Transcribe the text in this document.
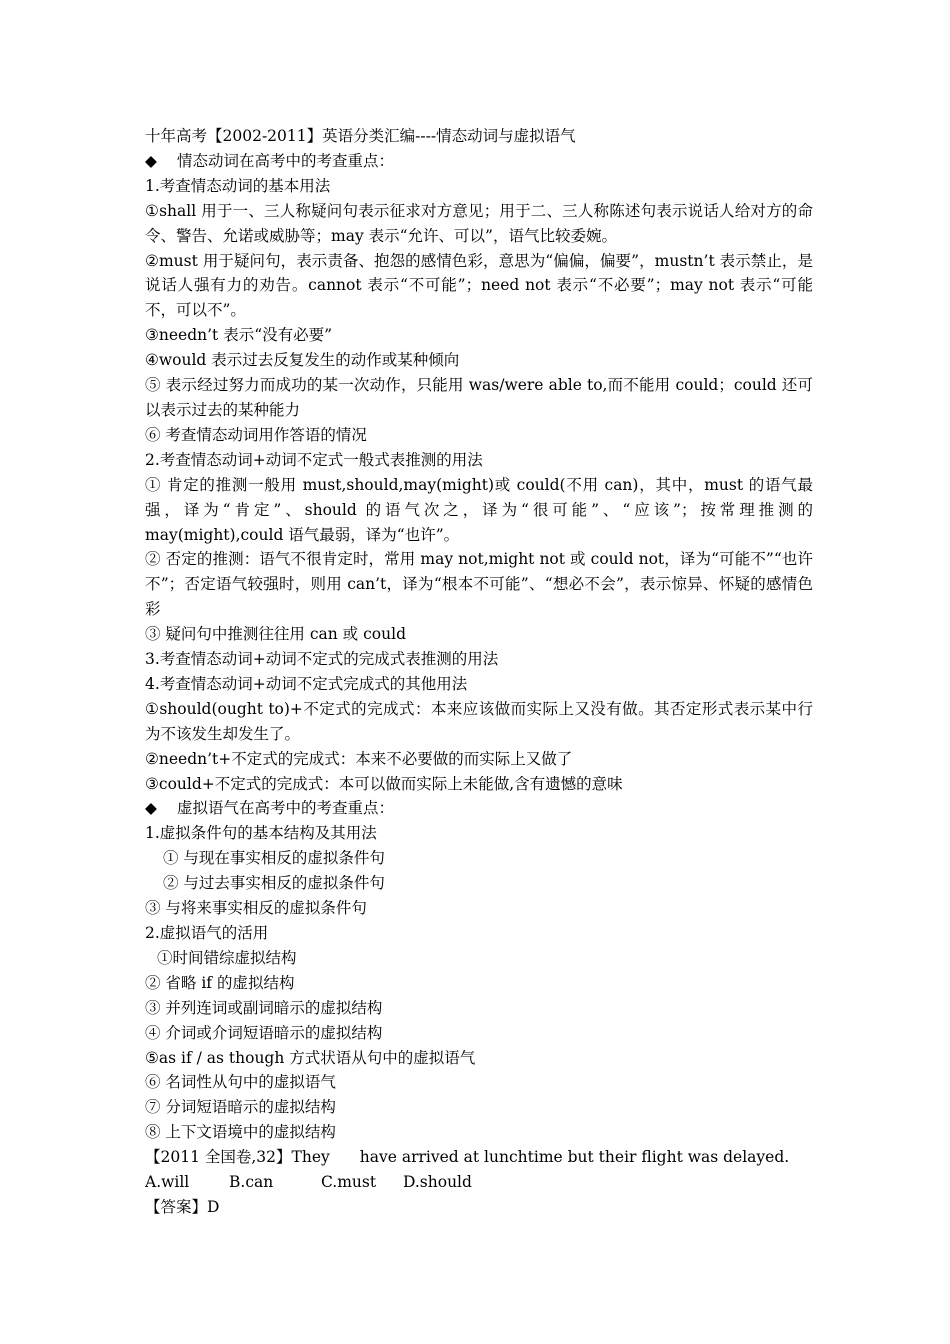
十年高考【2002-2011】英语分类汇编----情态动词与虚拟语气
◆ 情态动词在高考中的考查重点：
1.考查情态动词的基本用法
①shall 用于一、三人称疑问句表示征求对方意见；用于二、三人称陈述句表示说话人给对方的命令、警告、允诺或威胁等；may 表示“允许、可以”，语气比较委婉。
②must 用于疑问句，表示责备、抱怨的感情色彩，意思为“偏偏，偏要”，mustn’t 表示禁止，是说话人强有力的劝告。cannot 表示“不可能”；need not 表示“不必要”；may not 表示“可能不，可以不”。
③needn’t 表示“没有必要”
④would 表示过去反复发生的动作或某种倾向
⑤ 表示经过努力而成功的某一次动作，只能用 was/were able to,而不能用 could；could 还可以表示过去的某种能力
⑥ 考查情态动词用作答语的情况
2.考查情态动词+动词不定式一般式表推测的用法
① 肯定的推测一般用 must,should,may(might)或 could(不用 can)，其中，must 的语气最强，译为“肯定”、should 的语气次之，译为“很可能”、“应该”；按常理推测的 may(might),could 语气最弱，译为“也许”。
② 否定的推测：语气不很肯定时，常用 may not,might not 或 could not，译为“可能不”“也许不”；否定语气较强时，则用 can’t，译为“根本不可能”、“想必不会”，表示惊异、怀疑的感情色彩
③ 疑问句中推测往往用 can 或 could
3.考查情态动词+动词不定式的完成式表推测的用法
4.考查情态动词+动词不定式完成式的其他用法
①should(ought to)+不定式的完成式：本来应该做而实际上又没有做。其否定形式表示某中行为不该发生却发生了。
②needn’t+不定式的完成式：本来不必要做的而实际上又做了
③could+不定式的完成式：本可以做而实际上未能做,含有遗憾的意味
◆ 虚拟语气在高考中的考查重点：
1.虚拟条件句的基本结构及其用法
① 与现在事实相反的虚拟条件句
② 与过去事实相反的虚拟条件句
③ 与将来事实相反的虚拟条件句
2.虚拟语气的活用
①时间错综虚拟结构
② 省略 if 的虚拟结构
③ 并列连词或副词暗示的虚拟结构
④ 介词或介词短语暗示的虚拟结构
⑤as if / as though 方式状语从句中的虚拟语气
⑥ 名词性从句中的虚拟语气
⑦ 分词短语暗示的虚拟结构
⑧ 上下文语境中的虚拟结构
【2011 全国卷,32】They have arrived at lunchtime but their flight was delayed.
A.will	B.can	C.must D.should
【答案】D
